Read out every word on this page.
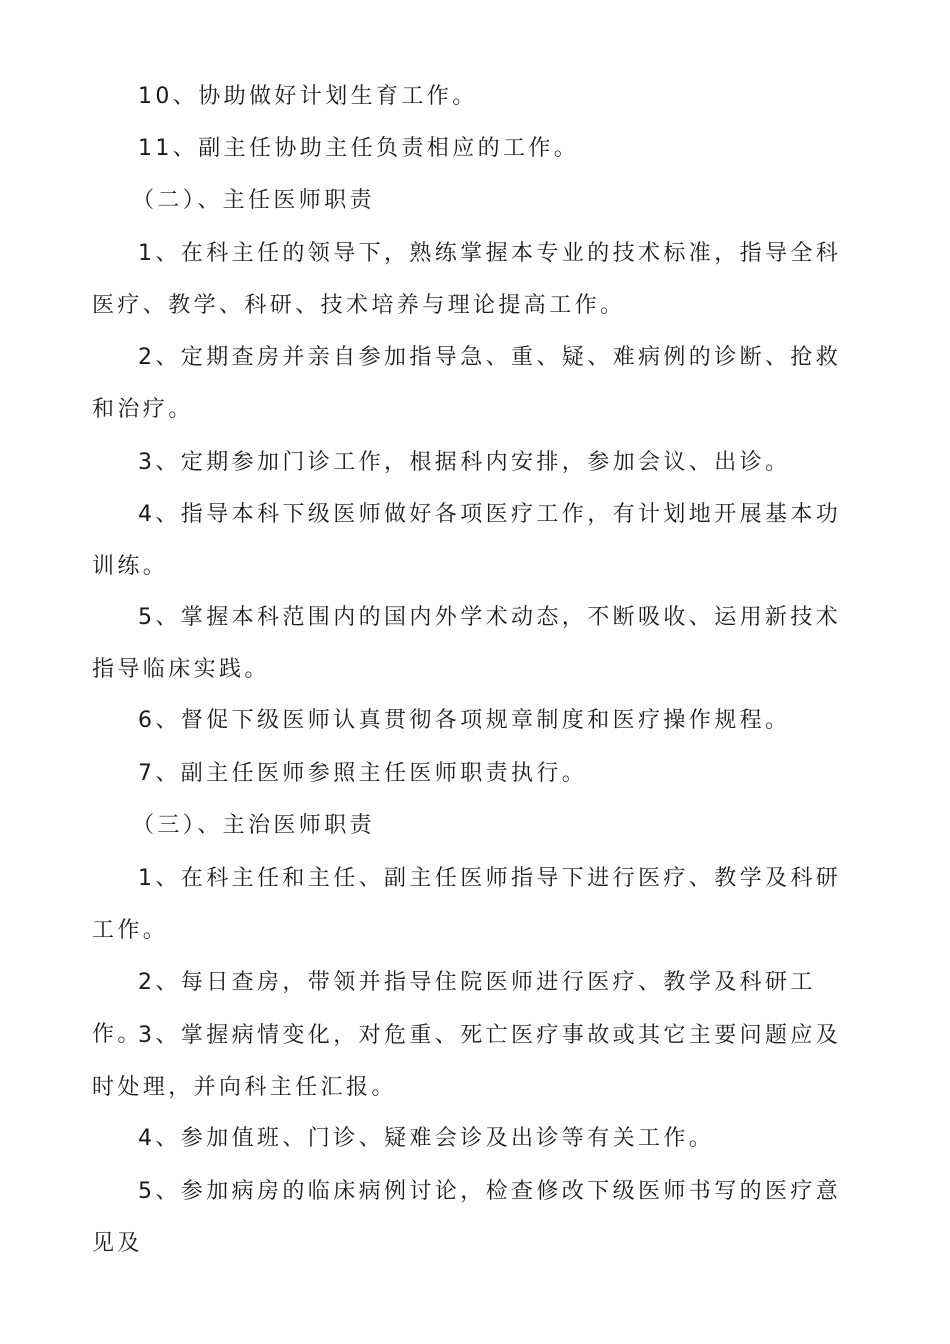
10、协助做好计划生育工作。

11、副主任协助主任负责相应的工作。

（二）、主任医师职责

1、在科主任的领导下，熟练掌握本专业的技术标准，指导全科医疗、教学、科研、技术培养与理论提高工作。

2、定期查房并亲自参加指导急、重、疑、难病例的诊断、抢救和治疗。

3、定期参加门诊工作，根据科内安排，参加会议、出诊。

4、指导本科下级医师做好各项医疗工作，有计划地开展基本功训练。

5、掌握本科范围内的国内外学术动态，不断吸收、运用新技术指导临床实践。

6、督促下级医师认真贯彻各项规章制度和医疗操作规程。

7、副主任医师参照主任医师职责执行。

（三）、主治医师职责

1、在科主任和主任、副主任医师指导下进行医疗、教学及科研工作。

2、每日查房，带领并指导住院医师进行医疗、教学及科研工作。

3、掌握病情变化，对危重、死亡医疗事故或其它主要问题应及时处理，并向科主任汇报。

4、参加值班、门诊、疑难会诊及出诊等有关工作。

5、参加病房的临床病例讨论，检查修改下级医师书写的医疗意见及
